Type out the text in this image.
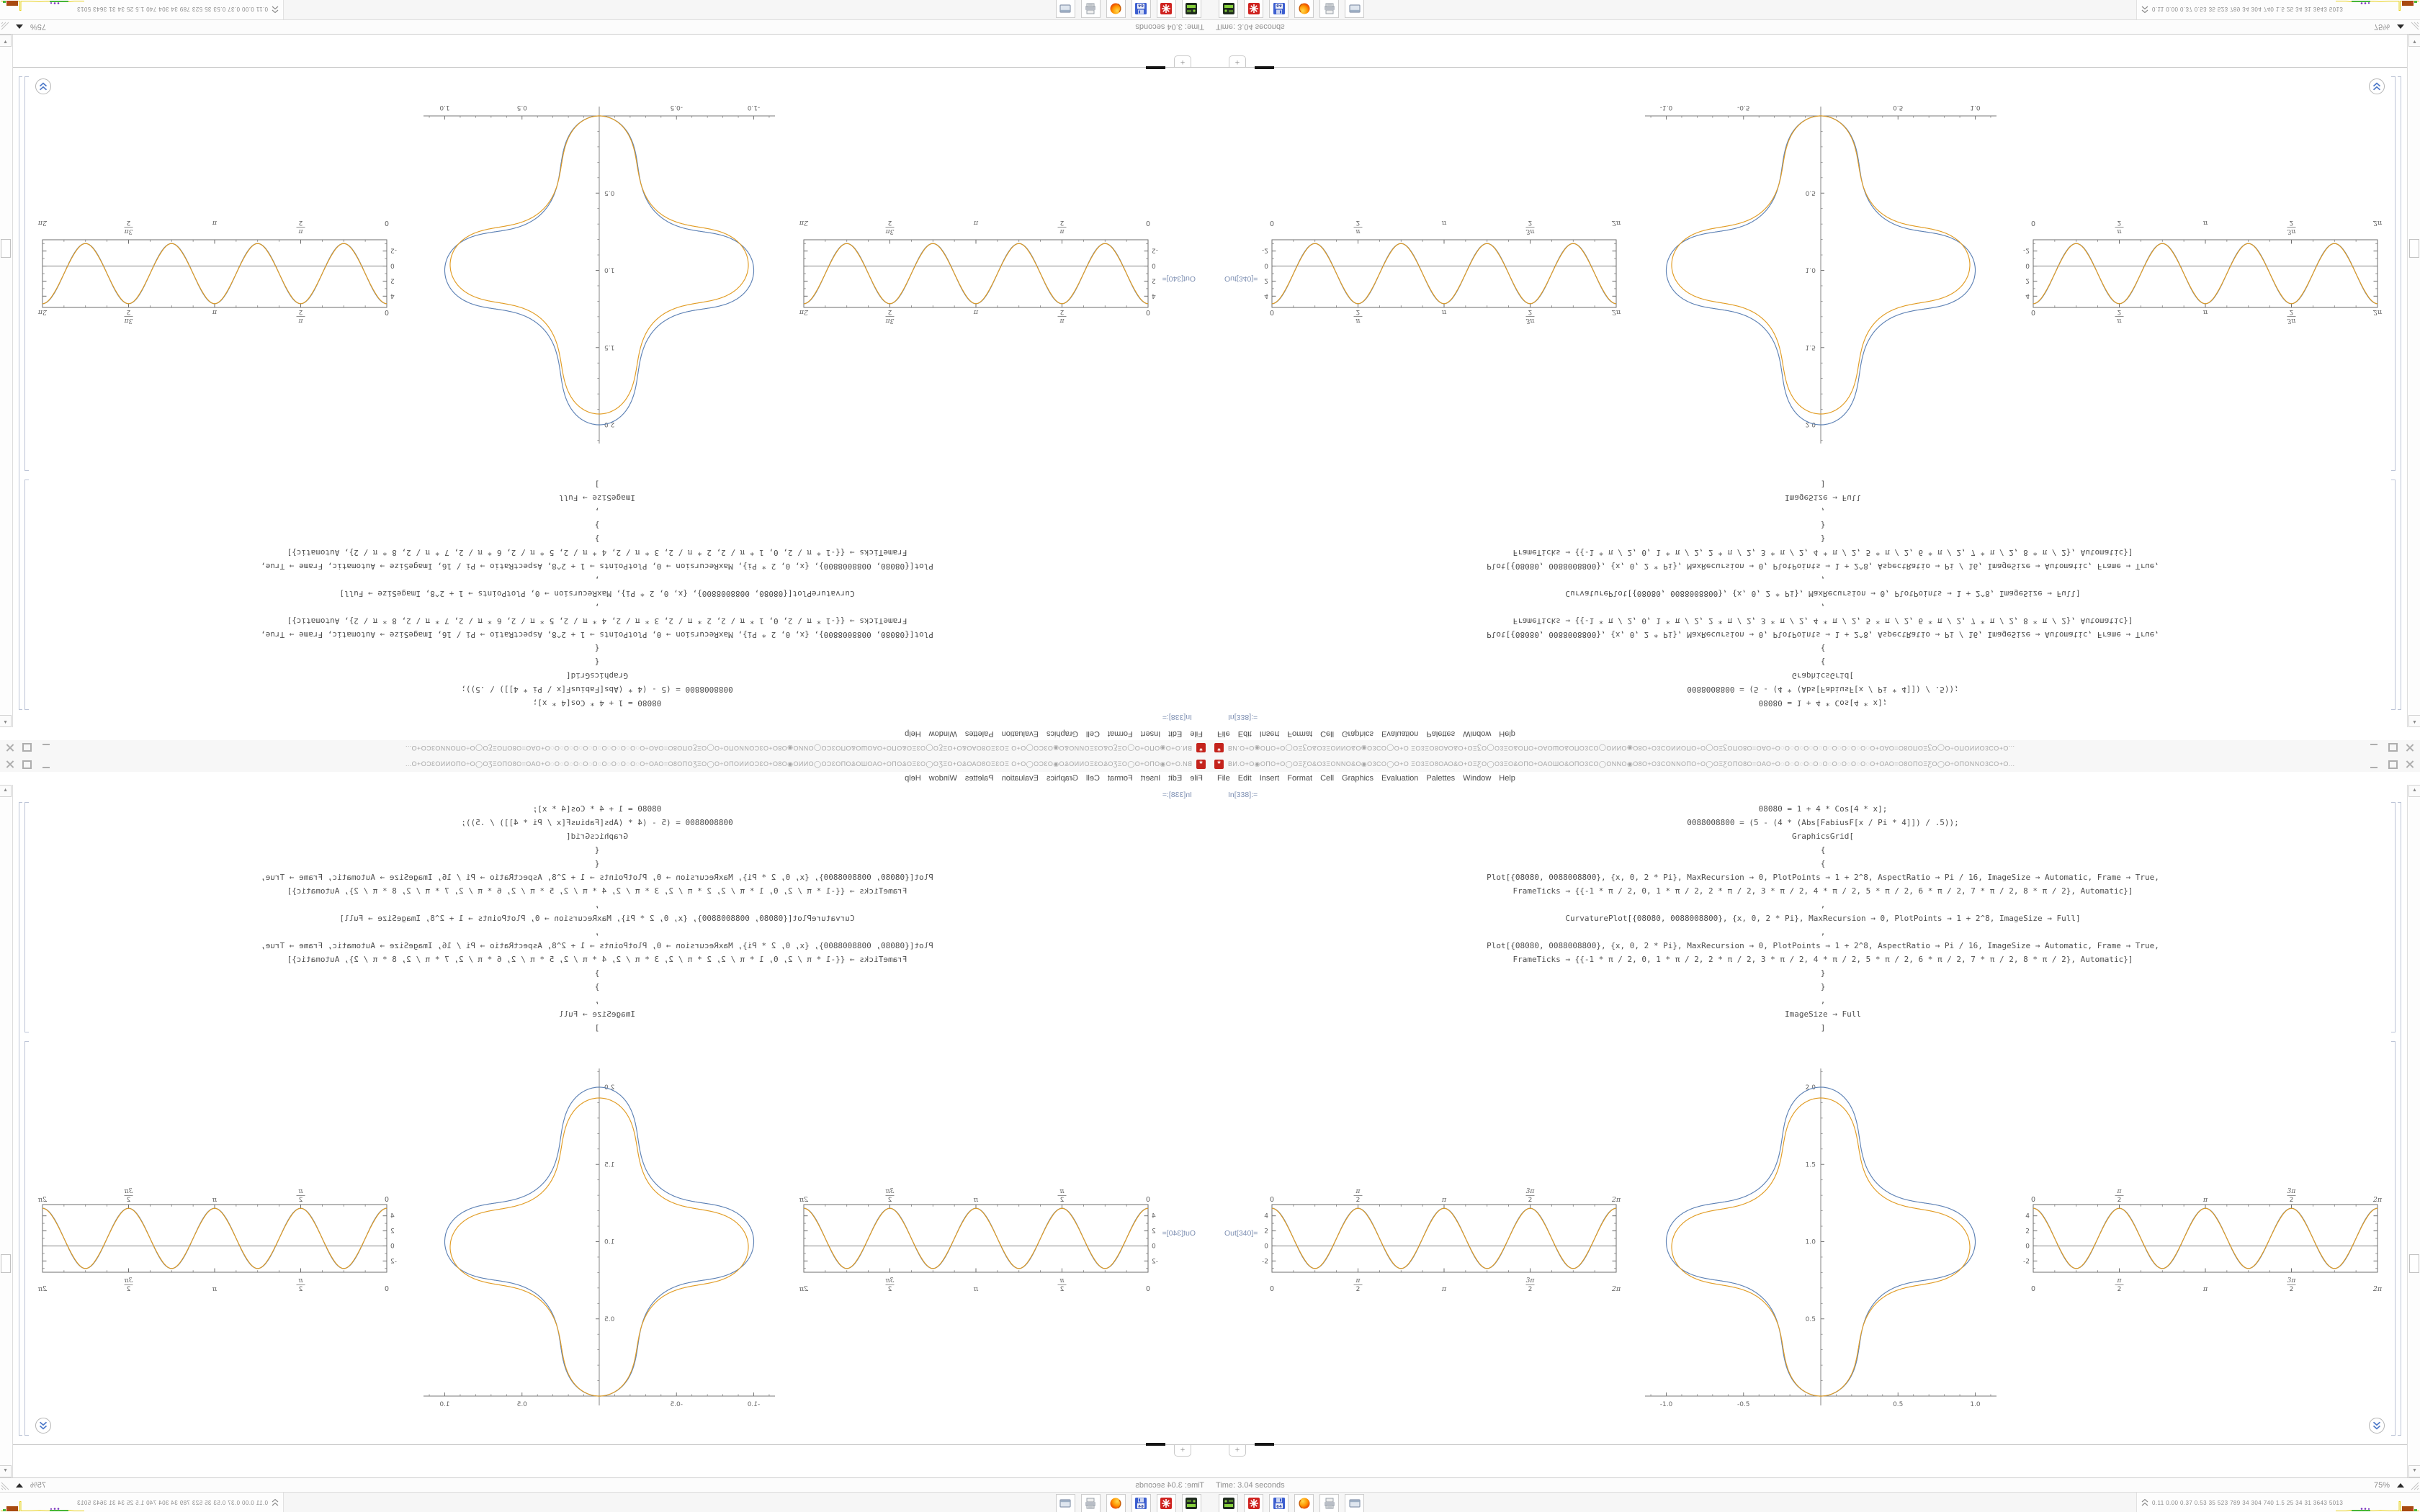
*	ВИ.Ο+Ο◉ΟΠΟ+Ο◯ΟΞƸΟ&Ο3ΞΟΝΝΟ&Ο◉Ο3CΟ◯Ο+Ο ΞΟ3ΞΟ8ΟΑΟ&Ο+ΟΞƸΟ◯Ο3ΞΟ&ΟΠΟ+ΟΑΟШΟ&ΟΠΟ3CΟ◯ΟΝΝΟ◉Ο8Ο+Ο3CΟΝΝΟΠΟ÷Ο◯ΟΞƸΟΠΟ8Ο=ΟΑΟ÷Ο◌Ο◌Ο◌Ο◌Ο◌Ο◌Ο◌Ο◌Ο◌Ο◌Ο+ΟΑΟ=Ο8ΟΠΟΞƸΟ◯Ο÷ΟΠΟΝΝΟ3CΟ+Ο...
File Edit Insert Format Cell Graphics Evaluation Palettes Window Help
In[338]:=
08080 = 1 + 4 * Cos[4 * x];
0088008800 = (5 - (4 * (Abs[FabiusF[x / Pi * 4]]) / .5));
GraphicsGrid[
{
{
Plot[{08080, 0088008800}, {x, 0, 2 * Pi}, MaxRecursion → 0, PlotPoints → 1 + 2^8, AspectRatio → Pi / 16, ImageSize → Automatic, Frame → True,
FrameTicks → {{-1 * π / 2, 0, 1 * π / 2, 2 * π / 2, 3 * π / 2, 4 * π / 2, 5 * π / 2, 6 * π / 2, 7 * π / 2, 8 * π / 2}, Automatic}]
,
CurvaturePlot[{08080, 0088008800}, {x, 0, 2 * Pi}, MaxRecursion → 0, PlotPoints → 1 + 2^8, ImageSize → Full]
,
Plot[{08080, 0088008800}, {x, 0, 2 * Pi}, MaxRecursion → 0, PlotPoints → 1 + 2^8, AspectRatio → Pi / 16, ImageSize → Automatic, Frame → True,
FrameTicks → {{-1 * π / 2, 0, 1 * π / 2, 2 * π / 2, 3 * π / 2, 4 * π / 2, 5 * π / 2, 6 * π / 2, 7 * π / 2, 8 * π / 2}, Automatic}]
}
}
,
ImageSize → Full
]
Out[340]=
0
0
π
2
π
2
π
π
3π
2
3π
2
2π
2π
4
2
0
-2
-1.0	-0.5	0.5	1.0
0.5
1.0
1.5
2.0
0
0
π
2
π
2
π
π
3π
2
3π
2
2π
2π
4
2
0
-2
+
▲
▼
Time: 3.04 seconds	75%
64
0.11 0.00 0.37 0.53 35 523 789 34 304 740 1.5 25 34 31 3643 5013
*
ВИ.Ο+Ο◉ΟΠΟ+Ο◯ΟΞƸΟ&Ο3ΞΟΝΝΟ&Ο◉Ο3CΟ◯Ο+Ο ΞΟ3ΞΟ8ΟΑΟ&Ο+ΟΞƸΟ◯Ο3ΞΟ&ΟΠΟ+ΟΑΟШΟ&ΟΠΟ3CΟ◯ΟΝΝΟ◉Ο8Ο+Ο3CΟΝΝΟΠΟ÷Ο◯ΟΞƸΟΠΟ8Ο=ΟΑΟ÷Ο◌Ο◌Ο◌Ο◌Ο◌Ο◌Ο◌Ο◌Ο◌Ο◌Ο+ΟΑΟ=Ο8ΟΠΟΞƸΟ◯Ο÷ΟΠΟΝΝΟ3CΟ+Ο...
File
Edit
Insert
Format
Cell
Graphics
Evaluation
Palettes
Window
Help
In[338]:=
08080 = 1 + 4 * Cos[4 * x];
0088008800 = (5 - (4 * (Abs[FabiusF[x / Pi * 4]]) / .5));
GraphicsGrid[
{
{
Plot[{08080, 0088008800}, {x, 0, 2 * Pi}, MaxRecursion → 0, PlotPoints → 1 + 2^8, AspectRatio → Pi / 16, ImageSize → Automatic, Frame → True,
FrameTicks → {{-1 * π / 2, 0, 1 * π / 2, 2 * π / 2, 3 * π / 2, 4 * π / 2, 5 * π / 2, 6 * π / 2, 7 * π / 2, 8 * π / 2}, Automatic}]
,
CurvaturePlot[{08080, 0088008800}, {x, 0, 2 * Pi}, MaxRecursion → 0, PlotPoints → 1 + 2^8, ImageSize → Full]
,
Plot[{08080, 0088008800}, {x, 0, 2 * Pi}, MaxRecursion → 0, PlotPoints → 1 + 2^8, AspectRatio → Pi / 16, ImageSize → Automatic, Frame → True,
FrameTicks → {{-1 * π / 2, 0, 1 * π / 2, 2 * π / 2, 3 * π / 2, 4 * π / 2, 5 * π / 2, 6 * π / 2, 7 * π / 2, 8 * π / 2}, Automatic}]
}
}
,
ImageSize → Full
]
Out[340]=
0
0
π
2
π
2
π
π
3π
2
3π
2
2π
2π
4
2
0
-2
-1.0
-0.5
0.5
1.0
0.5
1.0
1.5
2.0
0
0
π
2
π
2
π
π
3π
2
3π
2
2π
2π
4
2
0
-2
+
▲
▼
Time: 3.04 seconds
75%
64
0.11 0.00 0.37 0.53 35 523 789 34 304 740 1.5 25 34 31 3643 5013
*	ВИ.Ο+Ο◉ΟΠΟ+Ο◯ΟΞƸΟ&Ο3ΞΟΝΝΟ&Ο◉Ο3CΟ◯Ο+Ο ΞΟ3ΞΟ8ΟΑΟ&Ο+ΟΞƸΟ◯Ο3ΞΟ&ΟΠΟ+ΟΑΟШΟ&ΟΠΟ3CΟ◯ΟΝΝΟ◉Ο8Ο+Ο3CΟΝΝΟΠΟ÷Ο◯ΟΞƸΟΠΟ8Ο=ΟΑΟ÷Ο◌Ο◌Ο◌Ο◌Ο◌Ο◌Ο◌Ο◌Ο◌Ο◌Ο+ΟΑΟ=Ο8ΟΠΟΞƸΟ◯Ο÷ΟΠΟΝΝΟ3CΟ+Ο...
File Edit Insert Format Cell Graphics Evaluation Palettes Window Help
In[338]:=
08080 = 1 + 4 * Cos[4 * x];
0088008800 = (5 - (4 * (Abs[FabiusF[x / Pi * 4]]) / .5));
GraphicsGrid[
{
{
Plot[{08080, 0088008800}, {x, 0, 2 * Pi}, MaxRecursion → 0, PlotPoints → 1 + 2^8, AspectRatio → Pi / 16, ImageSize → Automatic, Frame → True,
FrameTicks → {{-1 * π / 2, 0, 1 * π / 2, 2 * π / 2, 3 * π / 2, 4 * π / 2, 5 * π / 2, 6 * π / 2, 7 * π / 2, 8 * π / 2}, Automatic}]
,
CurvaturePlot[{08080, 0088008800}, {x, 0, 2 * Pi}, MaxRecursion → 0, PlotPoints → 1 + 2^8, ImageSize → Full]
,
Plot[{08080, 0088008800}, {x, 0, 2 * Pi}, MaxRecursion → 0, PlotPoints → 1 + 2^8, AspectRatio → Pi / 16, ImageSize → Automatic, Frame → True,
FrameTicks → {{-1 * π / 2, 0, 1 * π / 2, 2 * π / 2, 3 * π / 2, 4 * π / 2, 5 * π / 2, 6 * π / 2, 7 * π / 2, 8 * π / 2}, Automatic}]
}
}
,
ImageSize → Full
]
Out[340]=
0
0
π
2
π
2
π
π
3π
2
3π
2
2π
2π
4
2
0
-2
-1.0	-0.5	0.5	1.0
0.5
1.0
1.5
2.0
0
0
π
2
π
2
π
π
3π
2
3π
2
2π
2π
4
2
0
-2
+
▲
▼
Time: 3.04 seconds	75%
64
0.11 0.00 0.37 0.53 35 523 789 34 304 740 1.5 25 34 31 3643 5013
*
ВИ.Ο+Ο◉ΟΠΟ+Ο◯ΟΞƸΟ&Ο3ΞΟΝΝΟ&Ο◉Ο3CΟ◯Ο+Ο ΞΟ3ΞΟ8ΟΑΟ&Ο+ΟΞƸΟ◯Ο3ΞΟ&ΟΠΟ+ΟΑΟШΟ&ΟΠΟ3CΟ◯ΟΝΝΟ◉Ο8Ο+Ο3CΟΝΝΟΠΟ÷Ο◯ΟΞƸΟΠΟ8Ο=ΟΑΟ÷Ο◌Ο◌Ο◌Ο◌Ο◌Ο◌Ο◌Ο◌Ο◌Ο◌Ο+ΟΑΟ=Ο8ΟΠΟΞƸΟ◯Ο÷ΟΠΟΝΝΟ3CΟ+Ο...
File
Edit
Insert
Format
Cell
Graphics
Evaluation
Palettes
Window
Help
In[338]:=
08080 = 1 + 4 * Cos[4 * x];
0088008800 = (5 - (4 * (Abs[FabiusF[x / Pi * 4]]) / .5));
GraphicsGrid[
{
{
Plot[{08080, 0088008800}, {x, 0, 2 * Pi}, MaxRecursion → 0, PlotPoints → 1 + 2^8, AspectRatio → Pi / 16, ImageSize → Automatic, Frame → True,
FrameTicks → {{-1 * π / 2, 0, 1 * π / 2, 2 * π / 2, 3 * π / 2, 4 * π / 2, 5 * π / 2, 6 * π / 2, 7 * π / 2, 8 * π / 2}, Automatic}]
,
CurvaturePlot[{08080, 0088008800}, {x, 0, 2 * Pi}, MaxRecursion → 0, PlotPoints → 1 + 2^8, ImageSize → Full]
,
Plot[{08080, 0088008800}, {x, 0, 2 * Pi}, MaxRecursion → 0, PlotPoints → 1 + 2^8, AspectRatio → Pi / 16, ImageSize → Automatic, Frame → True,
FrameTicks → {{-1 * π / 2, 0, 1 * π / 2, 2 * π / 2, 3 * π / 2, 4 * π / 2, 5 * π / 2, 6 * π / 2, 7 * π / 2, 8 * π / 2}, Automatic}]
}
}
,
ImageSize → Full
]
Out[340]=
0
0
π
2
π
2
π
π
3π
2
3π
2
2π
2π
4
2
0
-2
-1.0
-0.5
0.5
1.0
0.5
1.0
1.5
2.0
0
0
π
2
π
2
π
π
3π
2
3π
2
2π
2π
4
2
0
-2
+
▲
▼
Time: 3.04 seconds
75%
64
0.11 0.00 0.37 0.53 35 523 789 34 304 740 1.5 25 34 31 3643 5013
